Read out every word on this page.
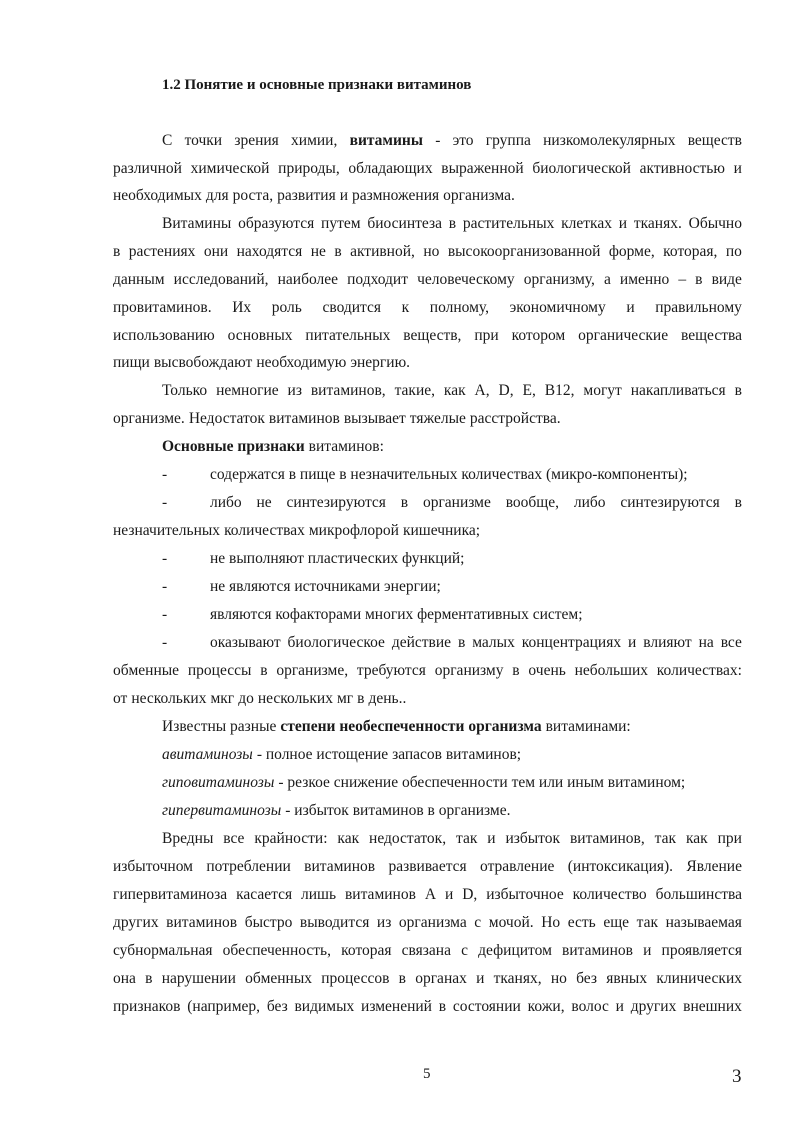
1.2 Понятие и основные признаки витаминов
С точки зрения химии, витамины - это группа низкомолекулярных веществ
различной химической природы, обладающих выраженной биологической активностью и
необходимых для роста, развития и размножения организма.
Витамины образуются путем биосинтеза в растительных клетках и тканях. Обычно
в растениях они находятся не в активной, но высокоорганизованной форме, которая, по
данным исследований, наиболее подходит человеческому организму, а именно – в виде
провитаминов. Их роль сводится к полному, экономичному и правильному
использованию основных питательных веществ, при котором органические вещества
пищи высвобождают необходимую энергию.
Только немногие из витаминов, такие, как A, D, E, B12, могут накапливаться в
организме. Недостаток витаминов вызывает тяжелые расстройства.
Основные признаки витаминов:
-	содержатся в пище в незначительных количествах (микро-компоненты);
-	либо не синтезируются в организме вообще, либо синтезируются в
незначительных количествах микрофлорой кишечника;
-	не выполняют пластических функций;
-	не являются источниками энергии;
-	являются кофакторами многих ферментативных систем;
-	оказывают биологическое действие в малых концентрациях и влияют на все
обменные процессы в организме, требуются организму в очень небольших количествах:
от нескольких мкг до нескольких мг в день..
Известны разные степени необеспеченности организма витаминами:
авитаминозы - полное истощение запасов витаминов;
гиповитаминозы - резкое снижение обеспеченности тем или иным витамином;
гипервитаминозы - избыток витаминов в организме.
Вредны все крайности: как недостаток, так и избыток витаминов, так как при
избыточном потреблении витаминов развивается отравление (интоксикация). Явление
гипервитаминоза касается лишь витаминов A и D, избыточное количество большинства
других витаминов быстро выводится из организма с мочой. Но есть еще так называемая
субнормальная обеспеченность, которая связана с дефицитом витаминов и проявляется
она в нарушении обменных процессов в органах и тканях, но без явных клинических
признаков (например, без видимых изменений в состоянии кожи, волос и других внешних
5	3
